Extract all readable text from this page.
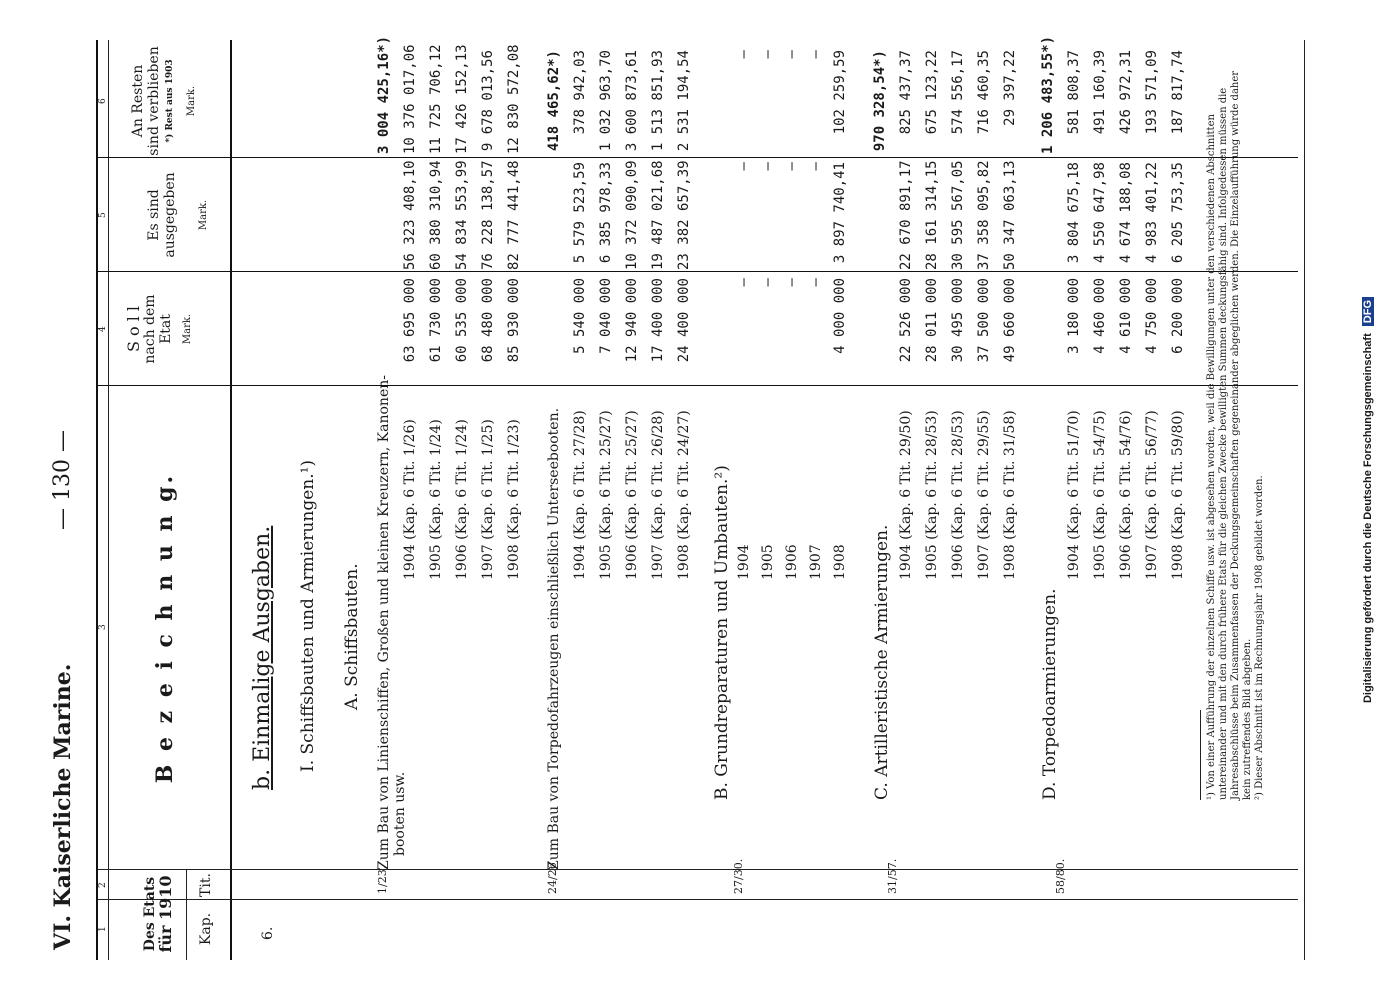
VI. Kaiserliche Marine.
— 130 —
1
2
3
4
5
6
Des Etats
für 1910 Kap.
Tit.
B e z e i c h n u n g.
S o l l nach dem Etat Mark.
Es sind ausgegeben Mark.
An Resten sind verblieben *) Rest aus 1903	Mark.
6.
b. Einmalige Ausgaben. I. Schiffsbauten und Armierungen.¹) A. Schiffsbauten.
1/23.
Zum Bau von Linienschiffen, Großen und kleinen Kreuzern, Kanonen- booten usw.
3 004 425,16*)
1904 (Kap. 6 Tit. 1/26)
63 695 000
56 323 408,10
10 376 017,06
1905 (Kap. 6 Tit. 1/24)
61 730 000
60 380 310,94
11 725 706,12
1906 (Kap. 6 Tit. 1/24)
60 535 000
54 834 553,99
17 426 152,13
1907 (Kap. 6 Tit. 1/25)
68 480 000
76 228 138,57
9 678 013,56
1908 (Kap. 6 Tit. 1/23)
85 930 000
82 777 441,48
12 830 572,08
24/26
Zum Bau von Torpedofahrzeugen einschließlich Unterseebooten.
418 465,62*)
1904 (Kap. 6 Tit. 27/28)
5 540 000
5 579 523,59
378 942,03
1905 (Kap. 6 Tit. 25/27)
7 040 000
6 385 978,33
1 032 963,70
1906 (Kap. 6 Tit. 25/27)
12 940 000
10 372 090,09
3 600 873,61
1907 (Kap. 6 Tit. 26/28)
17 400 000
19 487 021,68
1 513 851,93
1908 (Kap. 6 Tit. 24/27)
24 400 000
23 382 657,39
2 531 194,54
B. Grundreparaturen und Umbauten.²)
27/30.
1904
—
—
—
1905
—
—
—
1906
—
—
—
1907
—
—
—
1908
4 000 000
3 897 740,41
102 259,59
C. Artilleristische Armierungen.
31/57.
970 328,54*)
1904 (Kap. 6 Tit. 29/50)
22 526 000
22 670 891,17
825 437,37
1905 (Kap. 6 Tit. 28/53)
28 011 000
28 161 314,15
675 123,22
1906 (Kap. 6 Tit. 28/53)
30 495 000
30 595 567,05
574 556,17
1907 (Kap. 6 Tit. 29/55)
37 500 000
37 358 095,82
716 460,35
1908 (Kap. 6 Tit. 31/58)
49 660 000
50 347 063,13
29 397,22
D. Torpedoarmierungen.
58/80.
1 206 483,55*)
1904 (Kap. 6 Tit. 51/70)
3 180 000
3 804 675,18
581 808,37
1905 (Kap. 6 Tit. 54/75)
4 460 000
4 550 647,98
491 160,39
1906 (Kap. 6 Tit. 54/76)
4 610 000
4 674 188,08
426 972,31
1907 (Kap. 6 Tit. 56/77)
4 750 000
4 983 401,22
193 571,09
1908 (Kap. 6 Tit. 59/80)
6 200 000
6 205 753,35
187 817,74
¹) Von einer Aufführung der einzelnen Schiffe usw. ist abgesehen worden, weil die Bewilligungen unter den verschiedenen Abschnitten untereinander und mit den durch frühere Etats für die gleichen Zwecke bewilligten Summen deckungsfähig sind. Infolgedessen müssen die Jahresabschlüsse beim Zusammenfassen der Deckungsgemeinschaften gegeneinander abgeglichen werden. Die Einzelaufführung würde daher kein zutreffendes Bild abgeben. ²) Dieser Abschnitt ist im Rechnungsjahr 1908 gebildet worden.	Digitalisierung gefördert durch die Deutsche Forschungsgemeinschaft DFG
